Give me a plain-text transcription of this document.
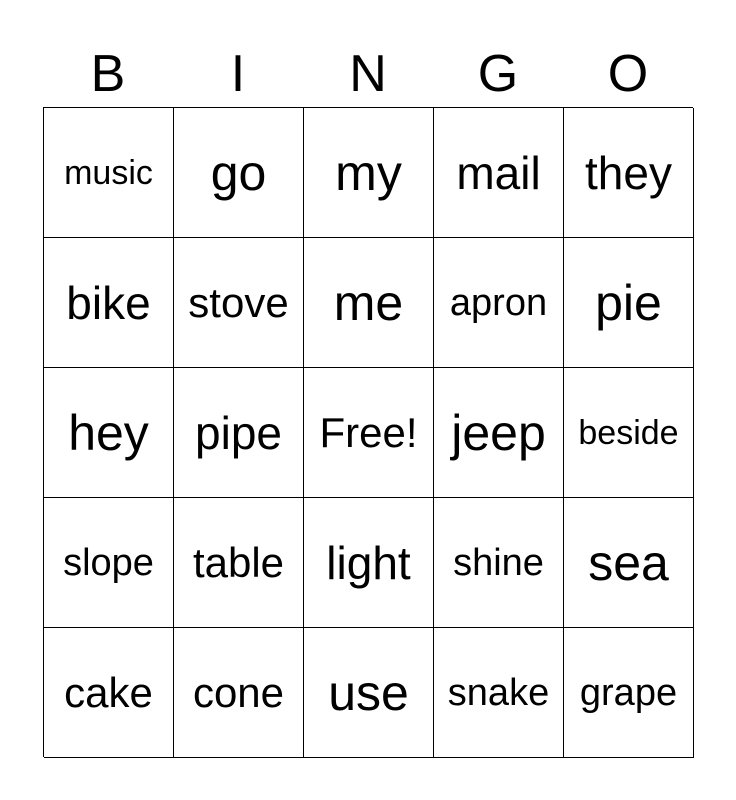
B	I	N	G	O
music	go	my	mail they
bike stove me	apron pie
hey	pipe Free! jeep beside
slope table light	shine sea
cake cone use	snake grape
